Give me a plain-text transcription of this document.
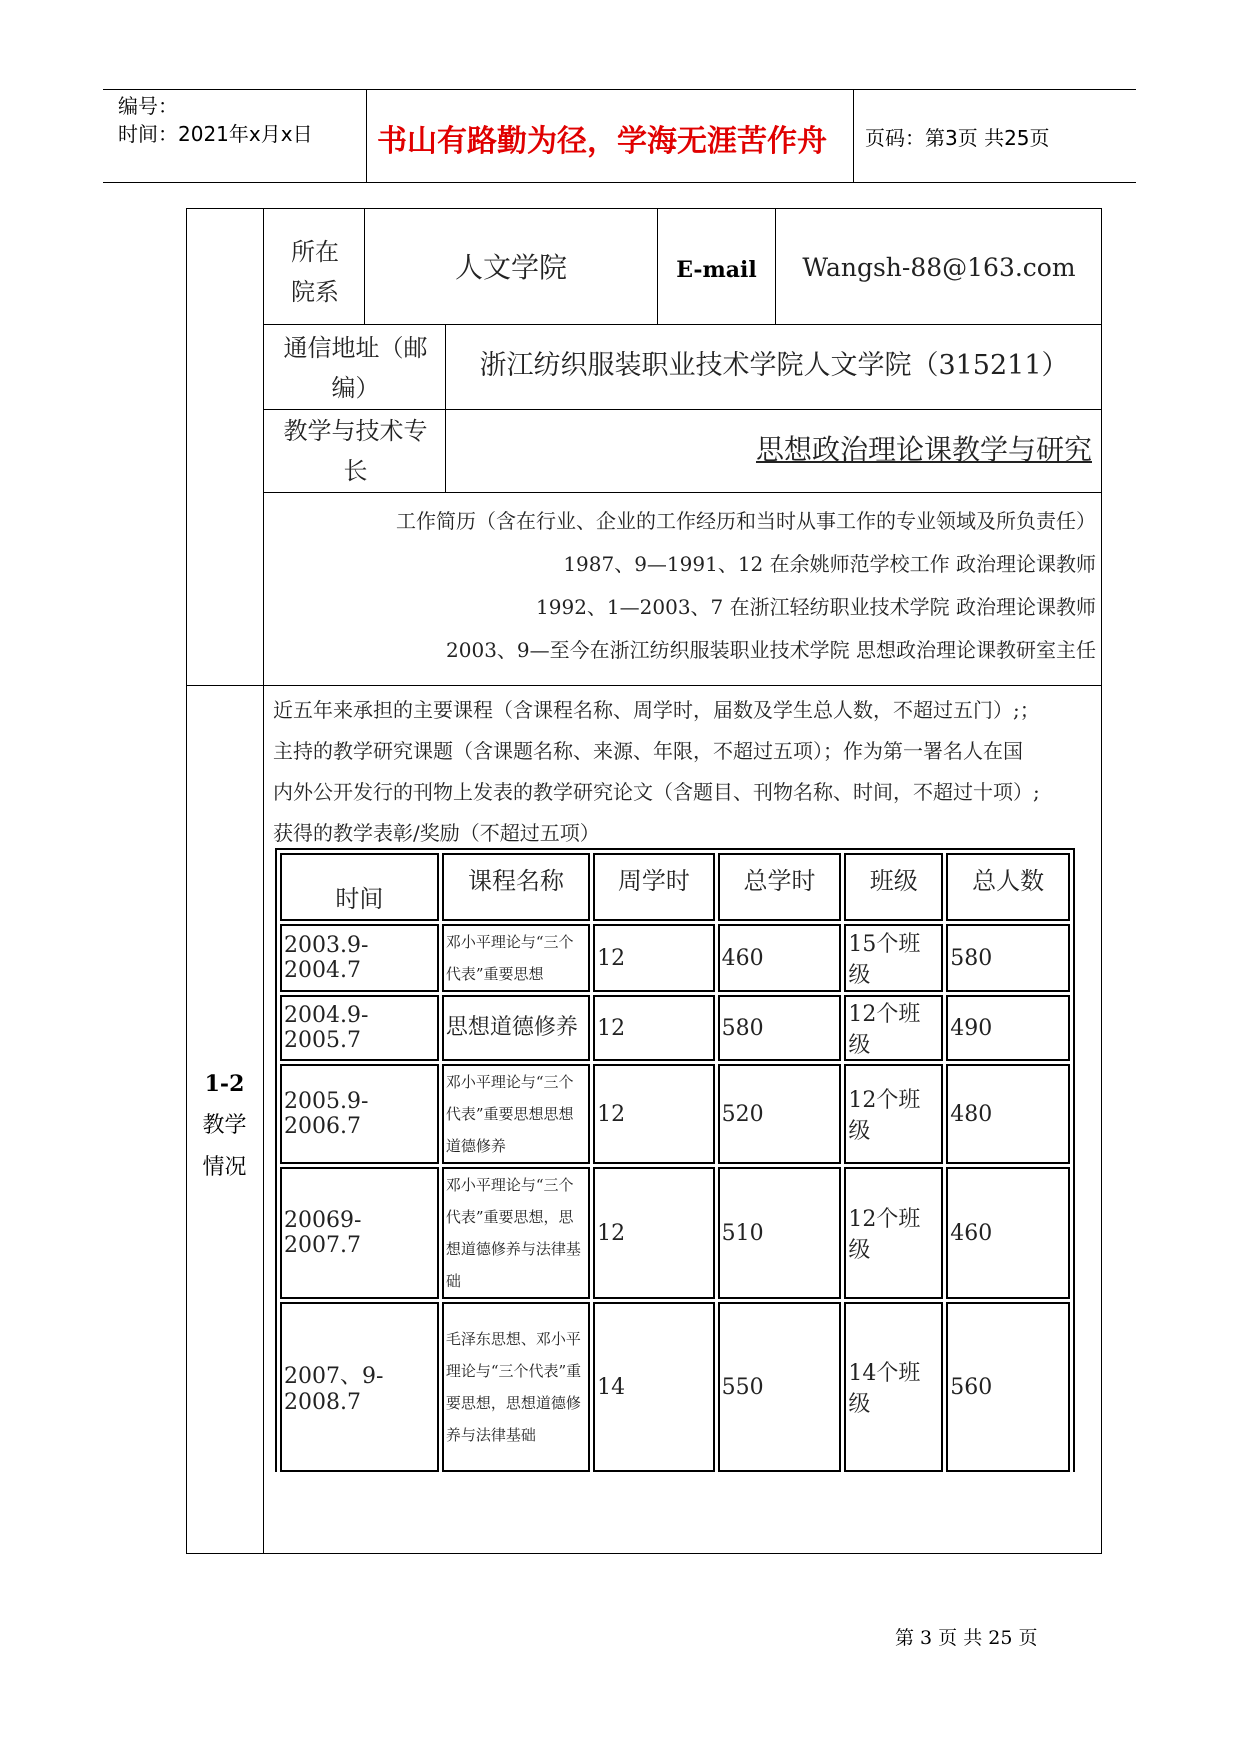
编号：
时间：2021年x月x日	书山有路勤为径，学海无涯苦作舟	页码：第3页 共25页
所在
院系
人文学院	E-mail	Wangsh-88@163.com
通信地址（邮
编）
浙江纺织服装职业技术学院人文学院（315211）
教学与技术专
长
思想政治理论课教学与研究
工作简历（含在行业、企业的工作经历和当时从事工作的专业领域及所负责任）
1987、9—1991、12 在余姚师范学校工作 政治理论课教师
1992、1—2003、7 在浙江轻纺职业技术学院 政治理论课教师
2003、9—至今在浙江纺织服装职业技术学院 思想政治理论课教研室主任
1-2
教学
情况
近五年来承担的主要课程（含课程名称、周学时，届数及学生总人数，不超过五门）;；
主持的教学研究课题（含课题名称、来源、年限，不超过五项）；作为第一署名人在国
内外公开发行的刊物上发表的教学研究论文（含题目、刊物名称、时间，不超过十项）;
获得的教学表彰/奖励（不超过五项）
时间	课程名称	周学时	总学时	班级	总人数
2003.9-2004.7	邓小平理论与“三个代表”重要思想	12	460	15个班级	580
2004.9-2005.7	思想道德修养	12	580	12个班级	490
2005.9-2006.7	邓小平理论与“三个代表”重要思想思想道德修养	12	520	12个班级	480
20069-2007.7	邓小平理论与“三个代表”重要思想，思想道德修养与法律基础	12	510	12个班级	460
2007、9-2008.7	毛泽东思想、邓小平理论与“三个代表”重要思想，思想道德修养与法律基础	14	550	14个班级	560
第 3 页 共 25 页
